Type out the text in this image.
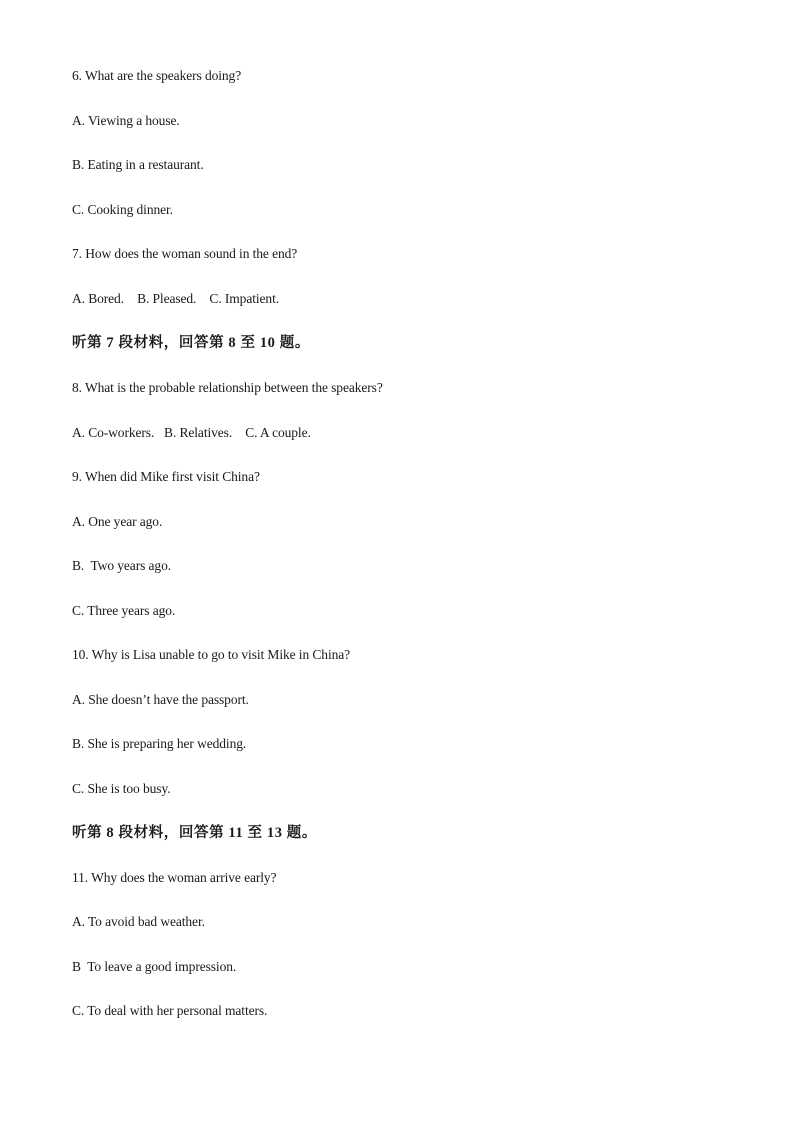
6. What are the speakers doing?
A. Viewing a house.
B. Eating in a restaurant.
C. Cooking dinner.
7. How does the woman sound in the end?
A. Bored.    B. Pleased.    C. Impatient.
听第 7 段材料，回答第 8 至 10 题。
8. What is the probable relationship between the speakers?
A. Co-workers.   B. Relatives.    C. A couple.
9. When did Mike first visit China?
A. One year ago.
B.  Two years ago.
C. Three years ago.
10. Why is Lisa unable to go to visit Mike in China?
A. She doesn’t have the passport.
B. She is preparing her wedding.
C. She is too busy.
听第 8 段材料，回答第 11 至 13 题。
11. Why does the woman arrive early?
A. To avoid bad weather.
B  To leave a good impression.
C. To deal with her personal matters.
